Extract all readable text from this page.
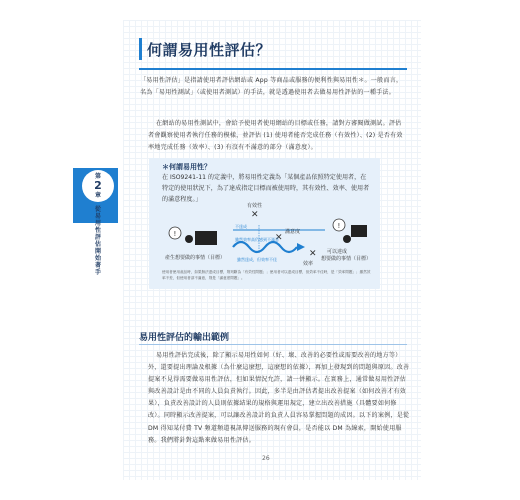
何謂易用性評估？
「易用性評估」是指請使用者評估網站或 App 等商品或服務的便利性與易用性＊。一般而言，名為「易用性測試」（或使用者測試）的手法，就是透過使用者去做易用性評估的一種手法。
在網站的易用性測試中，會給予使用者使用網站的目標或任務，請對方審閱做測試。評估者會觀察使用者執行任務的模樣，並評估 (1) 使用者能否完成任務（有效性）、(2) 是否有效率地完成任務（效率）、(3) 有沒有不滿意的部分（滿意度）。
＊何謂易用性？
在 ISO9241-11 的定義中，將易用性定義為「某個產品依照特定使用者，在特定的使用狀況下，為了達成指定目標而被使用時，其有效性、效率、使用者的滿意程度。」
✕
✕
✕
有效性
滿意度
效率
不達成
雖然效率高仍感到不滿意
雖然達成，但效率不佳
!
產生想要做的事情（目標）
!
可以達成
想要做的事情（目標）
使用者使用產品時，如果無法達成目標，則判斷為「有效性問題」；使用者可以達成目標，但效率不佳時，是「效率問題」；雖然效率不差，但使用者卻不滿意，則是「滿意度問題」。
易用性評估的輸出範例
易用性評估完成後，除了顯示易用性如何（好、壞、改善的必要性或需要改善的地方等）外，還要提出理論及根據（為什麼這麼想，這麼想的依據），再加上發現到的問題與原因。改善提案不見得需要做易用性評估，但如果情況允許，請一併顯示。在實務上，通常做易用性評估與改善設計是由不同的人員負責執行。因此，多半是由評估者提出改善提案（如何改善才有效果），負責改善設計的人員則依據結果的規格與運用規定，建立出改善措施（具體要如何修改）。同時顯示改善提案，可以讓改善設計的負責人員容易掌握問題的成因。以下的案例，是從 DM 得知某付費 TV 頻道頻道視訊傳送服務的現有會員，是否能以 DM 為線索，開始使用服務。我們將針對這點來做易用性評估。
第
2
章
從易用性評估開始著手
26
